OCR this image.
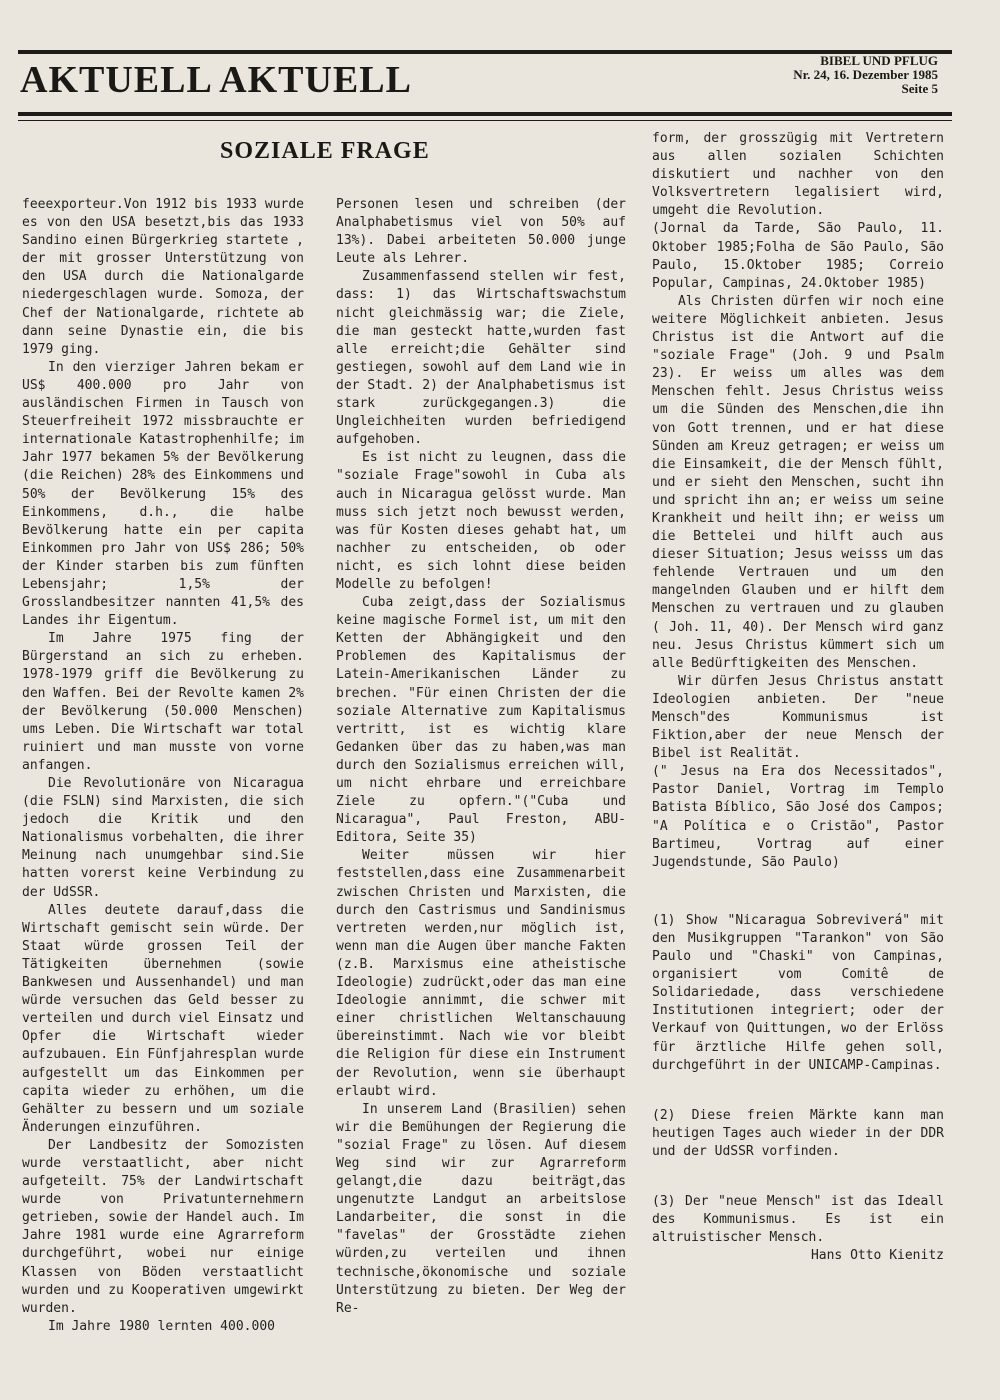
AKTUELL AKTUELL	BIBEL UND PFLUG
Nr. 24, 16. Dezember 1985
Seite 5
SOZIALE FRAGE

feeexporteur.Von 1912 bis 1933 wurde es von den USA besetzt,bis das 1933 Sandino einen Bürgerkrieg startete , der mit grosser Unterstützung von den USA durch die Nationalgarde niedergeschlagen wurde. Somoza, der Chef der Nationalgarde, richtete ab dann seine Dynastie ein, die bis 1979 ging.

In den vierziger Jahren bekam er US$ 400.000 pro Jahr von ausländischen Firmen in Tausch von Steuerfreiheit 1972 missbrauchte er internationale Katastrophenhilfe; im Jahr 1977 bekamen 5% der Bevölkerung (die Reichen) 28% des Einkommens und 50% der Bevölkerung 15% des Einkommens, d.h., die halbe Bevölkerung hatte ein per capita Einkommen pro Jahr von US$ 286; 50% der Kinder starben bis zum fünften Lebensjahr; 1,5% der Grosslandbesitzer nannten 41,5% des Landes ihr Eigentum.

Im Jahre 1975 fing der Bürgerstand an sich zu erheben. 1978-1979 griff die Bevölkerung zu den Waffen. Bei der Revolte kamen 2% der Bevölkerung (50.000 Menschen) ums Leben. Die Wirtschaft war total ruiniert und man musste von vorne anfangen.

Die Revolutionäre von Nicaragua (die FSLN) sind Marxisten, die sich jedoch die Kritik und den Nationalismus vorbehalten, die ihrer Meinung nach unumgehbar sind.Sie hatten vorerst keine Verbindung zu der UdSSR.

Alles deutete darauf,dass die Wirtschaft gemischt sein würde. Der Staat würde grossen Teil der Tätigkeiten übernehmen (sowie Bankwesen und Aussenhandel) und man würde versuchen das Geld besser zu verteilen und durch viel Einsatz und Opfer die Wirtschaft wieder aufzubauen. Ein Fünfjahresplan wurde aufgestellt um das Einkommen per capita wieder zu erhöhen, um die Gehälter zu bessern und um soziale Änderungen einzuführen.

Der Landbesitz der Somozisten wurde verstaatlicht, aber nicht aufgeteilt. 75% der Landwirtschaft wurde von Privatunternehmern getrieben, sowie der Handel auch. Im Jahre 1981 wurde eine Agrarreform durchgeführt, wobei nur einige Klassen von Böden verstaatlicht wurden und zu Kooperativen umgewirkt wurden.

Im Jahre 1980 lernten 400.000

Personen lesen und schreiben (der Analphabetismus viel von 50% auf 13%). Dabei arbeiteten 50.000 junge Leute als Lehrer.

Zusammenfassend stellen wir fest, dass: 1) das Wirtschaftswachstum nicht gleichmässig war; die Ziele, die man gesteckt hatte,wurden fast alle erreicht;die Gehälter sind gestiegen, sowohl auf dem Land wie in der Stadt. 2) der Analphabetismus ist stark zurückgegangen.3) die Ungleichheiten wurden befriedigend aufgehoben.

Es ist nicht zu leugnen, dass die "soziale Frage"sowohl in Cuba als auch in Nicaragua gelösst wurde. Man muss sich jetzt noch bewusst werden, was für Kosten dieses gehabt hat, um nachher zu entscheiden, ob oder nicht, es sich lohnt diese beiden Modelle zu befolgen!

Cuba zeigt,dass der Sozialismus keine magische Formel ist, um mit den Ketten der Abhängigkeit und den Problemen des Kapitalismus der Latein-Amerikanischen Länder zu brechen. "Für einen Christen der die soziale Alternative zum Kapitalismus vertritt, ist es wichtig klare Gedanken über das zu haben,was man durch den Sozialismus erreichen will, um nicht ehrbare und erreichbare Ziele zu opfern."("Cuba und Nicaragua", Paul Freston, ABU-Editora, Seite 35)

Weiter müssen wir hier feststellen,dass eine Zusammenarbeit zwischen Christen und Marxisten, die durch den Castrismus und Sandinismus vertreten werden,nur möglich ist, wenn man die Augen über manche Fakten (z.B. Marxismus eine atheistische Ideologie) zudrückt,oder das man eine Ideologie annimmt, die schwer mit einer christlichen Weltanschauung übereinstimmt. Nach wie vor bleibt die Religion für diese ein Instrument der Revolution, wenn sie überhaupt erlaubt wird.

In unserem Land (Brasilien) sehen wir die Bemühungen der Regierung die "sozial Frage" zu lösen. Auf diesem Weg sind wir zur Agrarreform gelangt,die dazu beiträgt,das ungenutzte Landgut an arbeitslose Landarbeiter, die sonst in die "favelas" der Grosstädte ziehen würden,zu verteilen und ihnen technische,ökonomische und soziale Unterstützung zu bieten. Der Weg der Re-

form, der grosszügig mit Vertretern aus allen sozialen Schichten diskutiert und nachher von den Volksvertretern legalisiert wird, umgeht die Revolution.

(Jornal da Tarde, São Paulo, 11. Oktober 1985;Folha de São Paulo, São Paulo, 15.Oktober 1985; Correio Popular, Campinas, 24.Oktober 1985)

Als Christen dürfen wir noch eine weitere Möglichkeit anbieten. Jesus Christus ist die Antwort auf die "soziale Frage" (Joh. 9 und Psalm 23). Er weiss um alles was dem Menschen fehlt. Jesus Christus weiss um die Sünden des Menschen,die ihn von Gott trennen, und er hat diese Sünden am Kreuz getragen; er weiss um die Einsamkeit, die der Mensch fühlt, und er sieht den Menschen, sucht ihn und spricht ihn an; er weiss um seine Krankheit und heilt ihn; er weiss um die Bettelei und hilft auch aus dieser Situation; Jesus weisss um das fehlende Vertrauen und um den mangelnden Glauben und er hilft dem Menschen zu vertrauen und zu glauben ( Joh. 11, 40). Der Mensch wird ganz neu. Jesus Christus kümmert sich um alle Bedürftigkeiten des Menschen.

Wir dürfen Jesus Christus anstatt Ideologien anbieten. Der "neue Mensch"des Kommunismus ist Fiktion,aber der neue Mensch der Bibel ist Realität.

(" Jesus na Era dos Necessitados", Pastor Daniel, Vortrag im Templo Batista Bíblico, São José dos Campos; "A Política e o Cristão", Pastor Bartimeu, Vortrag auf einer Jugendstunde, São Paulo)

(1) Show "Nicaragua Sobreviverá" mit den Musikgruppen "Tarankon" von São Paulo und "Chaski" von Campinas, organisiert vom Comitê de Solidariedade, dass verschiedene Institutionen integriert; oder der Verkauf von Quittungen, wo der Erlöss für ärztliche Hilfe gehen soll, durchgeführt in der UNICAMP-Campinas.

(2) Diese freien Märkte kann man heutigen Tages auch wieder in der DDR und der UdSSR vorfinden.

(3) Der "neue Mensch" ist das Ideall des Kommunismus. Es ist ein altruistischer Mensch.

Hans Otto Kienitz
